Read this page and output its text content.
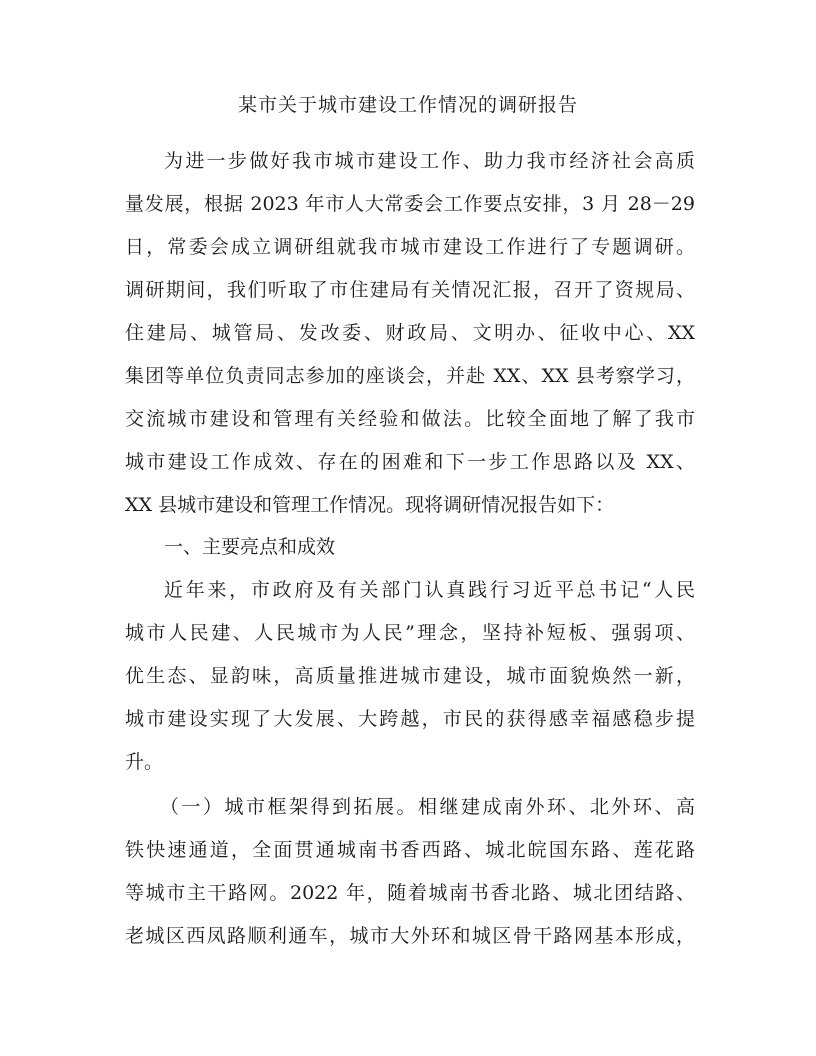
某市关于城市建设工作情况的调研报告
为进一步做好我市城市建设工作、助力我市经济社会高质
量发展，根据 2023 年市人大常委会工作要点安排，3 月 28－29
日，常委会成立调研组就我市城市建设工作进行了专题调研。
调研期间，我们听取了市住建局有关情况汇报，召开了资规局、
住建局、城管局、发改委、财政局、文明办、征收中心、XX
集团等单位负责同志参加的座谈会，并赴 XX、XX 县考察学习，
交流城市建设和管理有关经验和做法。比较全面地了解了我市
城市建设工作成效、存在的困难和下一步工作思路以及 XX、
XX 县城市建设和管理工作情况。现将调研情况报告如下：
一、主要亮点和成效
近年来，市政府及有关部门认真践行习近平总书记“人民
城市人民建、人民城市为人民”理念，坚持补短板、强弱项、
优生态、显韵味，高质量推进城市建设，城市面貌焕然一新，
城市建设实现了大发展、大跨越，市民的获得感幸福感稳步提
升。
（一）城市框架得到拓展。相继建成南外环、北外环、高
铁快速通道，全面贯通城南书香西路、城北皖国东路、莲花路
等城市主干路网。2022 年，随着城南书香北路、城北团结路、
老城区西凤路顺利通车，城市大外环和城区骨干路网基本形成，
